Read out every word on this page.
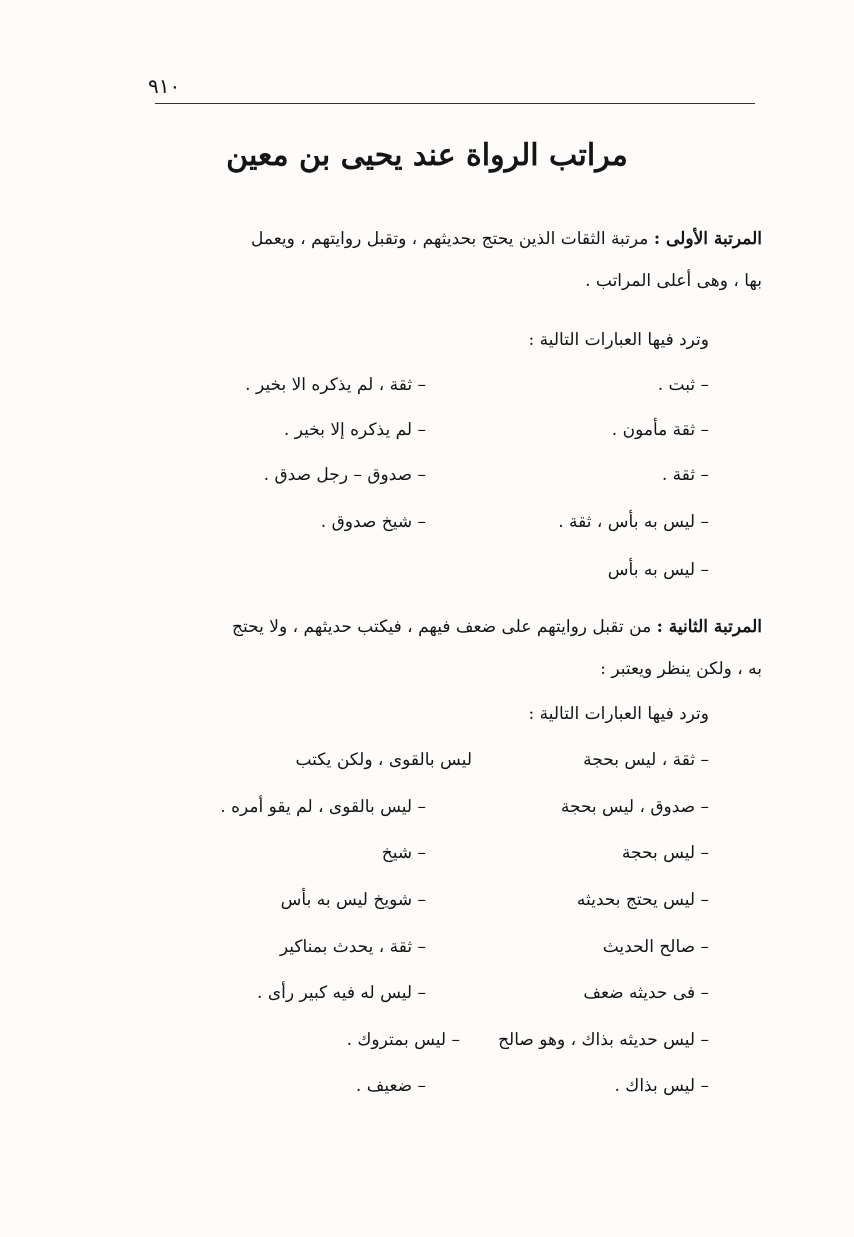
٩١٠
مراتب الرواة عند يحيى بن معين
المرتبة الأولى : مرتبة الثقات الذين يحتج بحديثهم ، وتقبل روايتهم ، ويعمل
بها ، وهى أعلى المراتب .
وترد فيها العبارات التالية :
– ثبت .
– ثقة مأمون .
– ثقة .
– ليس به بأس ، ثقة .
– ليس به بأس
– ثقة ، لم يذكره الا بخير .
– لم يذكره إلا بخير .
– صدوق – رجل صدق .
– شيخ صدوق .
المرتبة الثانية : من تقبل روايتهم على ضعف فيهم ، فيكتب حديثهم ، ولا يحتج
به ، ولكن ينظر ويعتبر :
وترد فيها العبارات التالية :
– ثقة ، ليس بحجة
– صدوق ، ليس بحجة
– ليس بحجة
– ليس يحتج بحديثه
– صالح الحديث
– فى حديثه ضعف
– ليس حديثه بذاك ، وهو صالح
– ليس بذاك .
ليس بالقوى ، ولكن يكتب
– ليس بالقوى ، لم يقو أمره .
– شيخ
– شويخ ليس به بأس
– ثقة ، يحدث بمناكير
– ليس له فيه كبير رأى .
– ليس بمتروك .
– ضعيف .
